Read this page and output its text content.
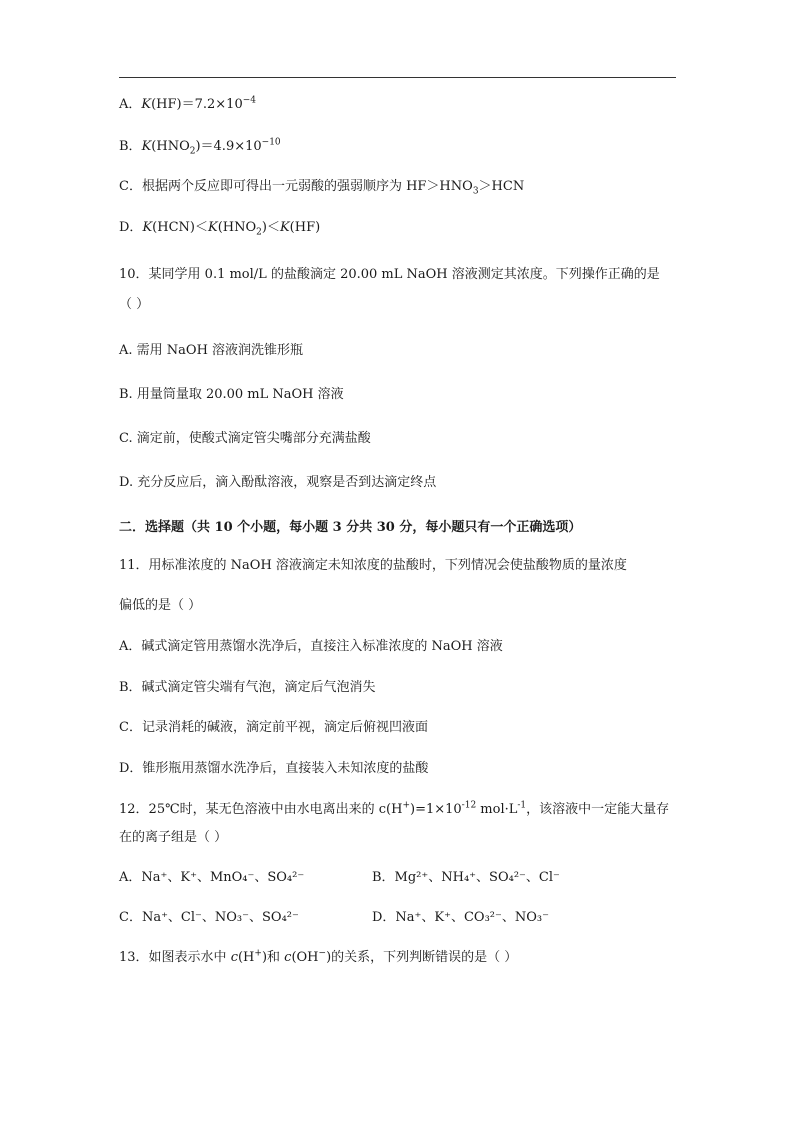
A．$K(HF)=7.2\times 10^{-4}$
B．$K(HNO_2)=4.9\times 10^{-10}$
C．根据两个反应即可得出一元弱酸的强弱顺序为 $HF>HNO_3>HCN$
D．$K(HCN)<K(HNO_2)<K(HF)$
10．某同学用 0.1 mol/L 的盐酸滴定 20.00 mL NaOH 溶液测定其浓度。下列操作正确的是
（ ）
A. 需用 NaOH 溶液润洗锥形瓶
B. 用量筒量取 20.00 mL NaOH 溶液
C. 滴定前，使酸式滴定管尖嘴部分充满盐酸
D. 充分反应后，滴入酚酞溶液，观察是否到达滴定终点
二．选择题（共 10 个小题，每小题 3 分共 30 分，每小题只有一个正确选项）
11．用标准浓度的 NaOH 溶液滴定未知浓度的盐酸时，下列情况会使盐酸物质的量浓度
偏低的是（ ）
A．碱式滴定管用蒸馏水洗净后，直接注入标准浓度的 NaOH 溶液
B．碱式滴定管尖端有气泡，滴定后气泡消失
C．记录消耗的碱液，滴定前平视，滴定后俯视凹液面
D．锥形瓶用蒸馏水洗净后，直接装入未知浓度的盐酸
12．25℃时，某无色溶液中由水电离出来的 $c(H^+)=1\times 10^{-12}$ $mol\cdot L^{-1}$，该溶液中一定能大量存
在的离子组是（ ）
A．Na⁺、K⁺、MnO₄⁻、SO₄²⁻	B．Mg²⁺、NH₄⁺、SO₄²⁻、Cl⁻
C．Na⁺、Cl⁻、NO₃⁻、SO₄²⁻	D．Na⁺、K⁺、CO₃²⁻、NO₃⁻
13．如图表示水中 c(H+)和 c(OH−)的关系，下列判断错误的是（ ）
